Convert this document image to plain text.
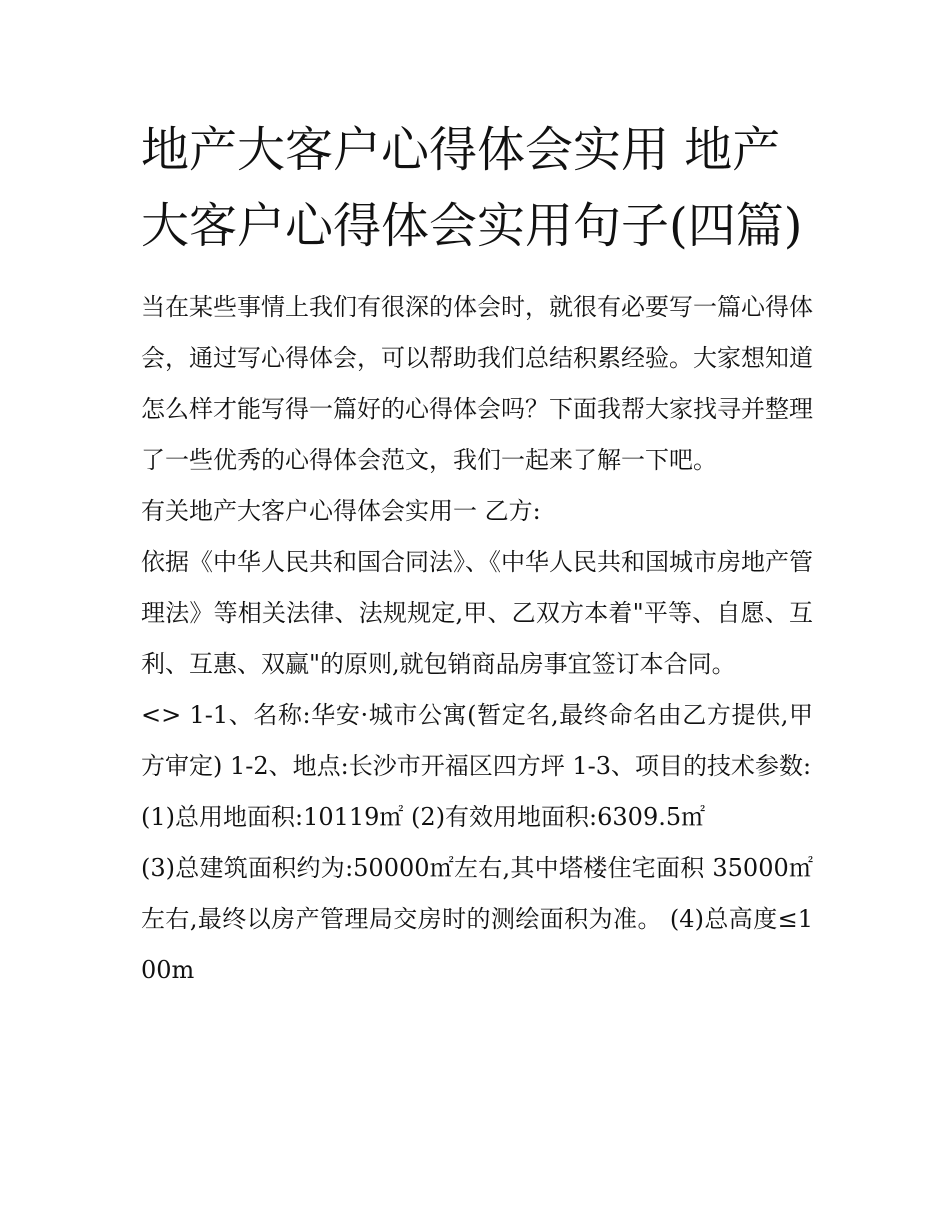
地产大客户心得体会实用 地产大客户心得体会实用句子(四篇)

当在某些事情上我们有很深的体会时，就很有必要写一篇心得体会，通过写心得体会，可以帮助我们总结积累经验。大家想知道怎么样才能写得一篇好的心得体会吗？下面我帮大家找寻并整理了一些优秀的心得体会范文，我们一起来了解一下吧。

有关地产大客户心得体会实用一 乙方:

依据《中华人民共和国合同法》、《中华人民共和国城市房地产管理法》等相关法律、法规规定,甲、乙双方本着"平等、自愿、互利、互惠、双赢"的原则,就包销商品房事宜签订本合同。

<> 1-1、名称:华安·城市公寓(暂定名,最终命名由乙方提供,甲方审定) 1-2、地点:长沙市开福区四方坪 1-3、项目的技术参数:

(1)总用地面积:10119㎡ (2)有效用地面积:6309.5㎡

(3)总建筑面积约为:50000㎡左右,其中塔楼住宅面积 35000㎡左右,最终以房产管理局交房时的测绘面积为准。 (4)总高度≤100m
